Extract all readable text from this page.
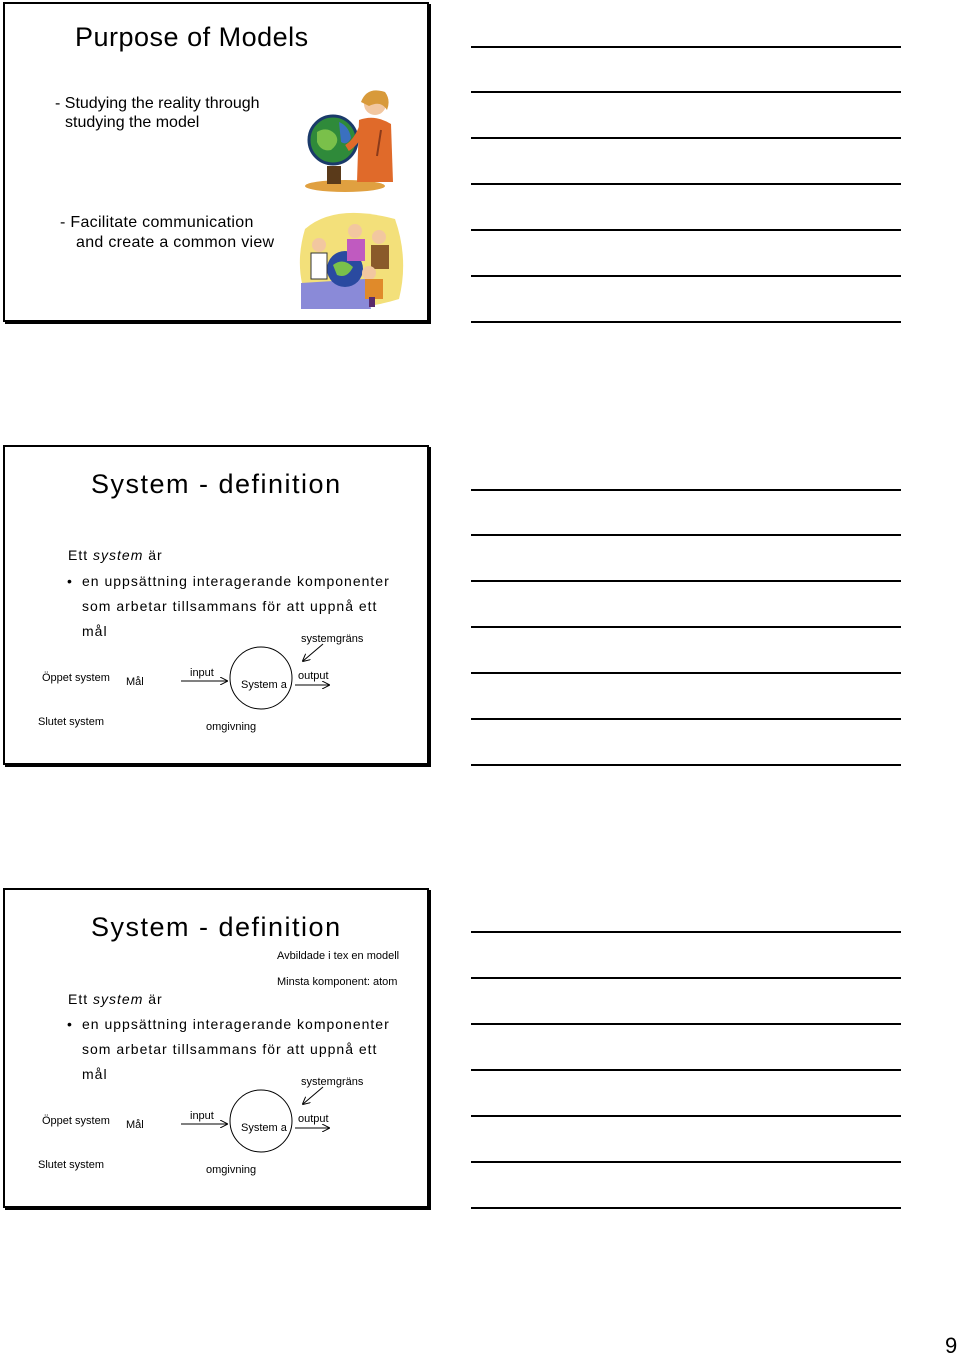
Purpose of Models
- Studying the reality through
studying the model
- Facilitate communication
and create a common view
System - definition
Ett system är
• en uppsättning interagerande komponenter
som arbetar tillsammans för att uppnå ett
mål	systemgräns
Öppet system Mål
input
System a
output
Slutet system	omgivning
System - definition
Avbildade i tex en modell
Minsta komponent: atom
Ett system är
• en uppsättning interagerande komponenter
som arbetar tillsammans för att uppnå ett
mål	systemgräns
Öppet system Mål
input
System a
output
Slutet system	omgivning
9
